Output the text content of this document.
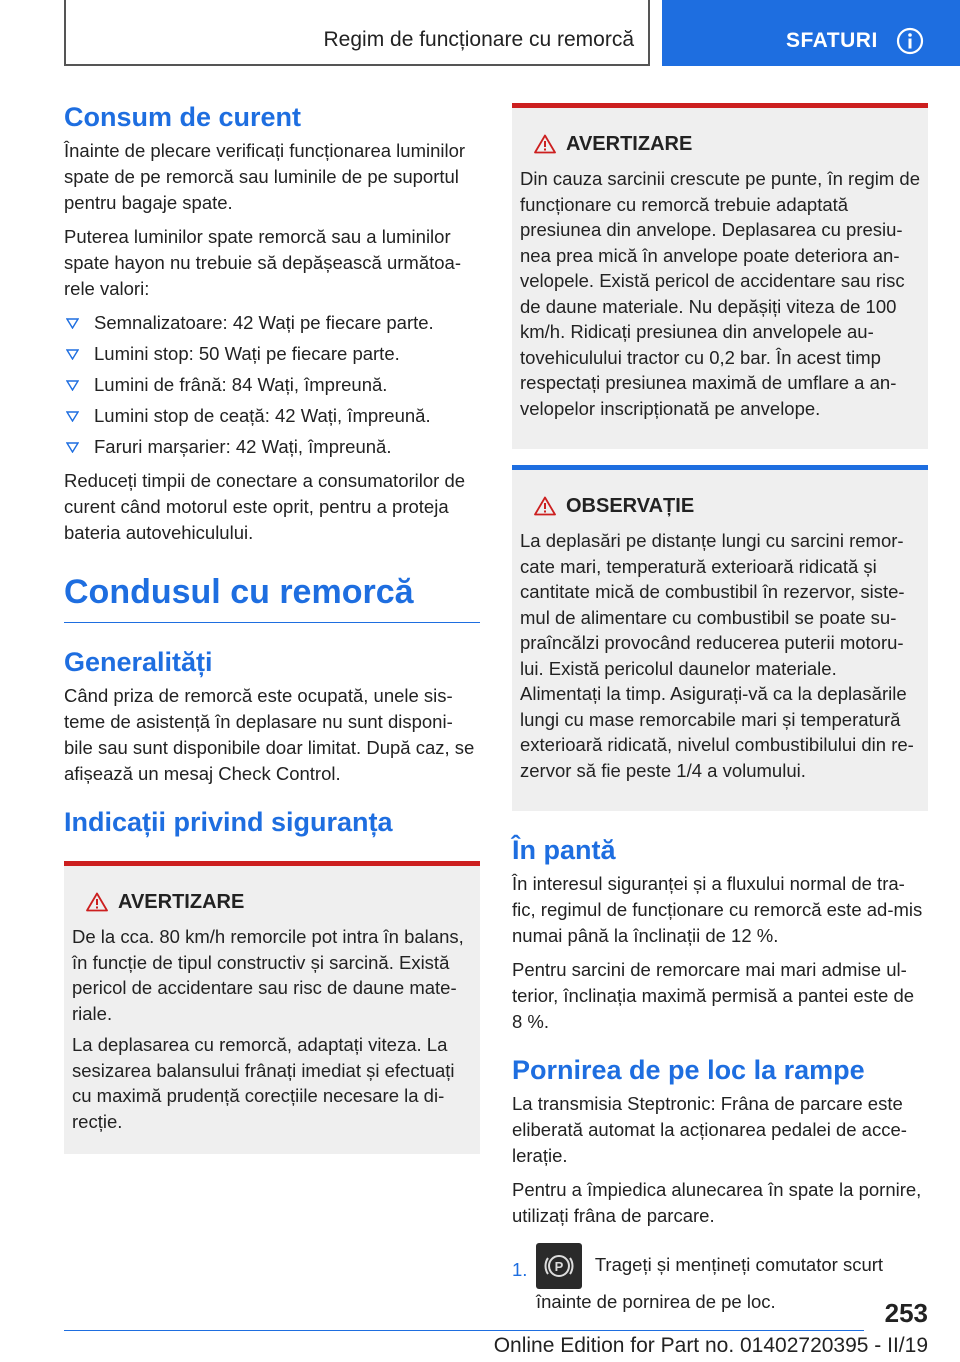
Regim de funcționare cu remorcă	SFATURI
Consum de curent

Înainte de plecare verificați funcționarea luminilor spate de pe remorcă sau luminile de pe suportul pentru bagaje spate.

Puterea luminilor spate remorcă sau a luminilor spate hayon nu trebuie să depășească următoa-rele valori:

Semnalizatoare: 42 Wați pe fiecare parte.
Lumini stop: 50 Wați pe fiecare parte.
Lumini de frână: 84 Wați, împreună.
Lumini stop de ceață: 42 Wați, împreună.
Faruri marșarier: 42 Wați, împreună.

Reduceți timpii de conectare a consumatorilor de curent când motorul este oprit, pentru a proteja bateria autovehiculului.

Condusul cu remorcă
Generalități

Când priza de remorcă este ocupată, unele sis-teme de asistență în deplasare nu sunt disponi-bile sau sunt disponibile doar limitat. După caz, se afișează un mesaj Check Control.

Indicații privind siguranța
AVERTIZARE

De la cca. 80 km/h remorcile pot intra în balans, în funcție de tipul constructiv și sarcină. Există pericol de accidentare sau risc de daune mate-riale.

La deplasarea cu remorcă, adaptați viteza. La sesizarea balansului frânați imediat și efectuați cu maximă prudență corecțiile necesare la di-recție.

AVERTIZARE

Din cauza sarcinii crescute pe punte, în regim de funcționare cu remorcă trebuie adaptată presiunea din anvelope. Deplasarea cu presiu-nea prea mică în anvelope poate deteriora an-velopele. Există pericol de accidentare sau risc de daune materiale. Nu depășiți viteza de 100 km/h. Ridicați presiunea din anvelopele au-tovehiculului tractor cu 0,2 bar. În acest timp respectați presiunea maximă de umflare a an-velopelor inscripționată pe anvelope.

OBSERVAȚIE

La deplasări pe distanțe lungi cu sarcini remor-cate mari, temperatură exterioară ridicată și cantitate mică de combustibil în rezervor, siste-mul de alimentare cu combustibil se poate su-praîncălzi provocând reducerea puterii motoru-lui. Există pericolul daunelor materiale. Alimentați la timp. Asigurați-vă ca la deplasările lungi cu mase remorcabile mari și temperatură exterioară ridicată, nivelul combustibilului din re-zervor să fie peste 1/4 a volumului.

În pantă

În interesul siguranței și a fluxului normal de tra-fic, regimul de funcționare cu remorcă este ad-mis numai până la înclinații de 12 %.

Pentru sarcini de remorcare mai mari admise ul-terior, înclinația maximă permisă a pantei este de 8 %.

Pornirea de pe loc la rampe

La transmisia Steptronic: Frâna de parcare este eliberată automat la acționarea pedalei de acce-lerație.

Pentru a împiedica alunecarea în spate la pornire, utilizați frâna de parcare.

1. P Trageți și mențineți comutator scurt înainte de pornirea de pe loc.	253
Online Edition for Part no. 01402720395 - II/19
